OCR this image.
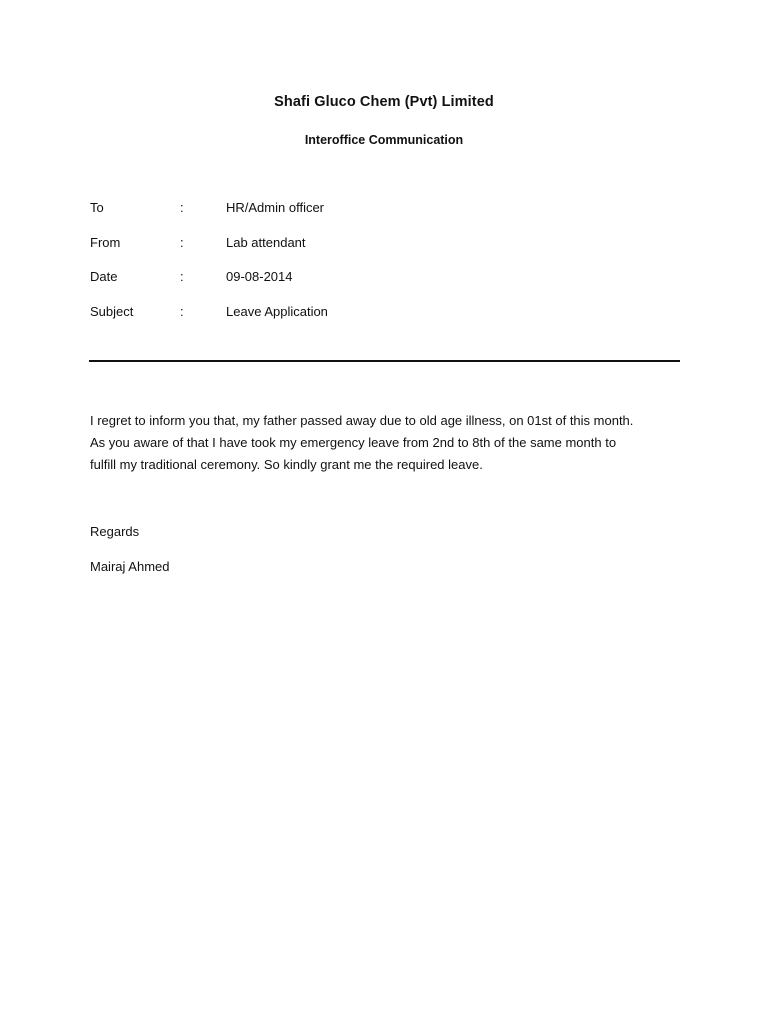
Shafi Gluco Chem (Pvt) Limited
Interoffice Communication
To	:	HR/Admin officer
From	:	Lab attendant
Date	:	09-08-2014
Subject	:	Leave Application
I regret to inform you that, my father passed away due to old age illness, on 01st of this month.
As you aware of that I have took my emergency leave from 2nd to 8th of the same month to
fulfill my traditional ceremony. So kindly grant me the required leave.
Regards
Mairaj Ahmed
